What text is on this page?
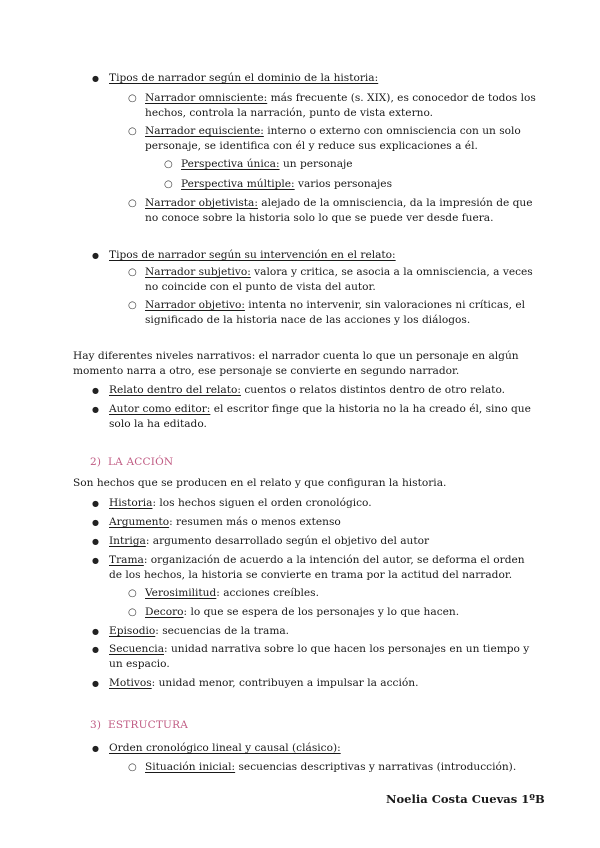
● Tipos de narrador según el dominio de la historia:
○ Narrador omnisciente: más frecuente (s. XIX), es conocedor de todos los hechos, controla la narración, punto de vista externo.
○ Narrador equisciente: interno o externo con omnisciencia con un solo personaje, se identifica con él y reduce sus explicaciones a él.
○ Perspectiva única: un personaje
○ Perspectiva múltiple: varios personajes
○ Narrador objetivista: alejado de la omnisciencia, da la impresión de que no conoce sobre la historia solo lo que se puede ver desde fuera.
● Tipos de narrador según su intervención en el relato:
○ Narrador subjetivo: valora y critica, se asocia a la omnisciencia, a veces no coincide con el punto de vista del autor.
○ Narrador objetivo: intenta no intervenir, sin valoraciones ni críticas, el significado de la historia nace de las acciones y los diálogos.
Hay diferentes niveles narrativos: el narrador cuenta lo que un personaje en algún momento narra a otro, ese personaje se convierte en segundo narrador.
● Relato dentro del relato: cuentos o relatos distintos dentro de otro relato.
● Autor como editor: el escritor finge que la historia no la ha creado él, sino que solo la ha editado.
2) LA ACCIÓN
Son hechos que se producen en el relato y que configuran la historia.
● Historia: los hechos siguen el orden cronológico.
● Argumento: resumen más o menos extenso
● Intriga: argumento desarrollado según el objetivo del autor
● Trama: organización de acuerdo a la intención del autor, se deforma el orden de los hechos, la historia se convierte en trama por la actitud del narrador.
○ Verosimilitud: acciones creíbles.
○ Decoro: lo que se espera de los personajes y lo que hacen.
● Episodio: secuencias de la trama.
● Secuencia: unidad narrativa sobre lo que hacen los personajes en un tiempo y un espacio.
● Motivos: unidad menor, contribuyen a impulsar la acción.
3) ESTRUCTURA
● Orden cronológico lineal y causal (clásico):
○ Situación inicial: secuencias descriptivas y narrativas (introducción).
Noelia Costa Cuevas 1ºB
